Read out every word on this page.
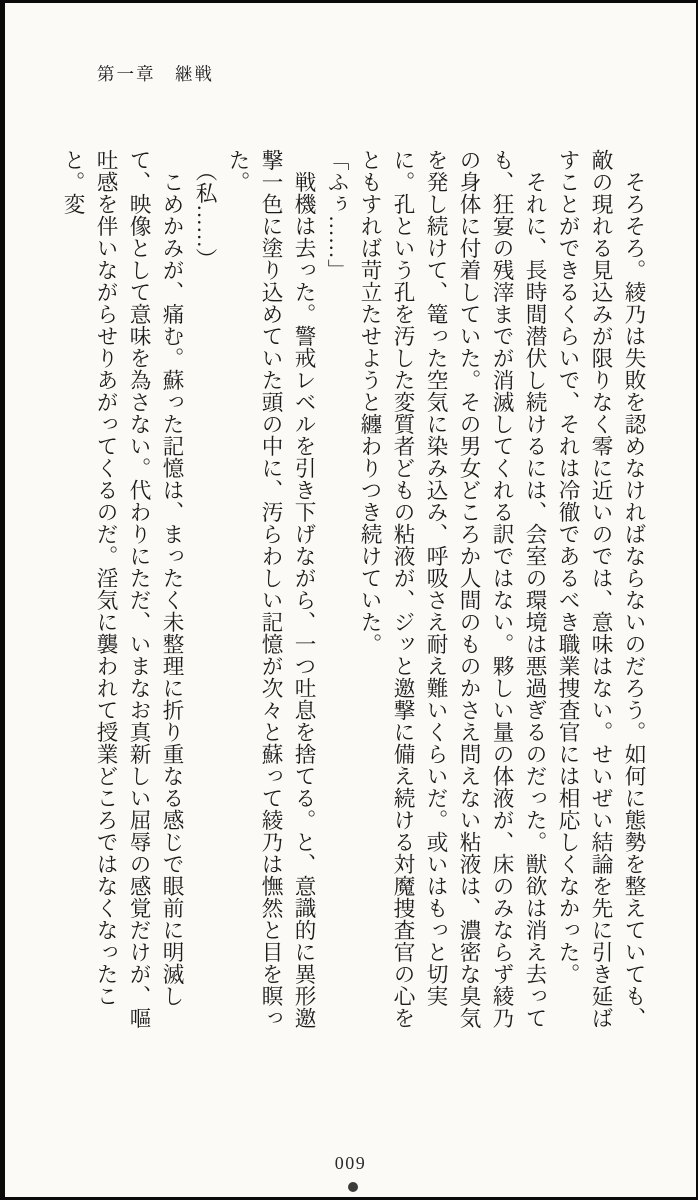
第一章　継戦

　そろそろ。綾乃は失敗を認めなければならないのだろう。如何に態勢を整えていても、敵の現れる見込みが限りなく零に近いのでは、意味はない。せいぜい結論を先に引き延ばすことができるくらいで、それは冷徹であるべき職業捜査官には相応しくなかった。

　それに、長時間潜伏し続けるには、会室の環境は悪過ぎるのだった。獣欲は消え去っても、狂宴の残滓までが消滅してくれる訳ではない。夥しい量の体液が、床のみならず綾乃の身体に付着していた。その男女どころか人間のものかさえ問えない粘液は、濃密な臭気を発し続けて、篭った空気に染み込み、呼吸さえ耐え難いくらいだ。或いはもっと切実に。孔という孔を汚した変質者どもの粘液が、ジッと邀撃に備え続ける対魔捜査官の心をともすれば苛立たせようと纏わりつき続けていた。

「ふぅ……」

　戦機は去った。警戒レベルを引き下げながら、一つ吐息を捨てる。と、意識的に異形邀撃一色に塗り込めていた頭の中に、汚らわしい記憶が次々と蘇って綾乃は憮然と目を瞑った。

　（私……）

　こめかみが、痛む。蘇った記憶は、まったく未整理に折り重なる感じで眼前に明滅して、映像として意味を為さない。代わりにただ、いまなお真新しい屈辱の感覚だけが、嘔吐感を伴いながらせりあがってくるのだ。淫気に襲われて授業どころではなくなったこと。変

009
